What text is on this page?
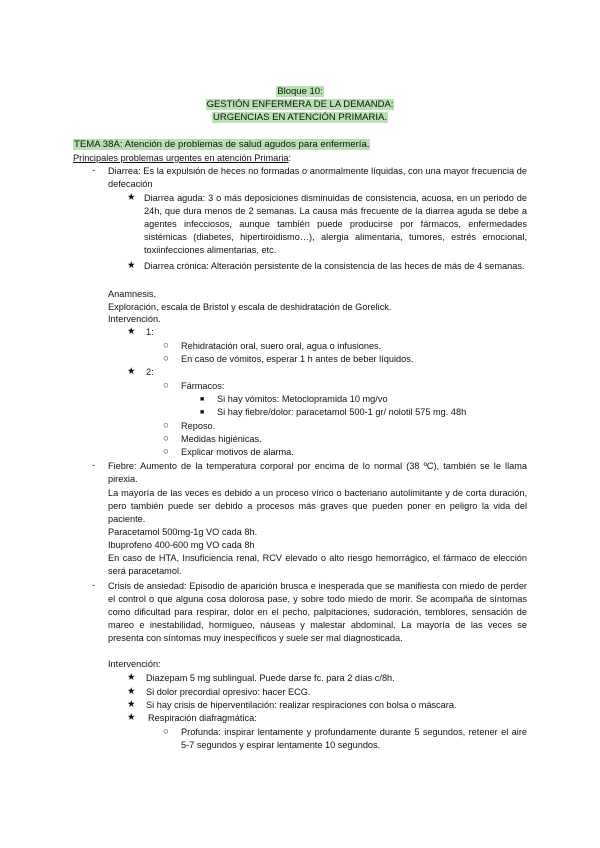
Bloque 10:
GESTIÓN ENFERMERA DE LA DEMANDA:
URGENCIAS EN ATENCIÓN PRIMARIA.
TEMA 38A: Atención de problemas de salud agudos para enfermería.
Principales problemas urgentes en atención Primaria:
- Diarrea: Es la expulsión de heces no formadas o anormalmente líquidas, con una mayor frecuencia de defecación

★ Diarrea aguda: 3 o más deposiciones disminuidas de consistencia, acuosa, en un periodo de 24h, que dura menos de 2 semanas. La causa más frecuente de la diarrea aguda se debe a agentes infecciosos, aunque también puede producirse por fármacos, enfermedades sistémicas (diabetes, hipertiroidismo…), alergia alimentaria, tumores, estrés emocional, toxiinfecciones alimentarias, etc.

★ Diarrea crónica: Alteración persistente de la consistencia de las heces de más de 4 semanas.

Anamnesis.
Exploración, escala de Bristol y escala de deshidratación de Gorelick.
Intervención.
★ 1:
○ Rehidratación oral, suero oral, agua o infusiones.
○ En caso de vómitos, esperar 1 h antes de beber líquidos.
★ 2:
○ Fármacos:
■ Si hay vómitos: Metoclopramida 10 mg/vo
■ Si hay fiebre/dolor: paracetamol 500-1 gr/ nolotil 575 mg. 48h
○ Reposo.
○ Medidas higiénicas.
○ Explicar motivos de alarma.
- Fiebre: Aumento de la temperatura corporal por encima de lo normal (38 ºC), también se le llama pirexia.

La mayoría de las veces es debido a un proceso vírico o bacteriano autolimitante y de corta duración, pero también puede ser debido a procesos más graves que pueden poner en peligro la vida del paciente.

Paracetamol 500mg-1g VO cada 8h.
Ibuprofeno 400-600 mg VO cada 8h

En caso de HTA, Insuficiencia renal, RCV elevado o alto riesgo hemorrágico, el fármaco de elección será paracetamol.

- Crisis de ansiedad: Episodio de aparición brusca e inesperada que se manifiesta con miedo de perder el control o que alguna cosa dolorosa pase, y sobre todo miedo de morir. Se acompaña de síntomas como dificultad para respirar, dolor en el pecho, palpitaciones, sudoración, temblores, sensación de mareo e inestabilidad, hormigueo, náuseas y malestar abdominal. La mayoría de las veces se presenta con síntomas muy inespecíficos y suele ser mal diagnosticada.

Intervención:
★ Diazepam 5 mg sublingual. Puede darse fc. para 2 días c/8h.
★ Si dolor precordial opresivo: hacer ECG.
★ Si hay crisis de hiperventilación: realizar respiraciones con bolsa o máscara.
★ Respiración diafragmática:
○ Profunda: inspirar lentamente y profundamente durante 5 segundos, retener el aire 5-7 segundos y espirar lentamente 10 segundos.
